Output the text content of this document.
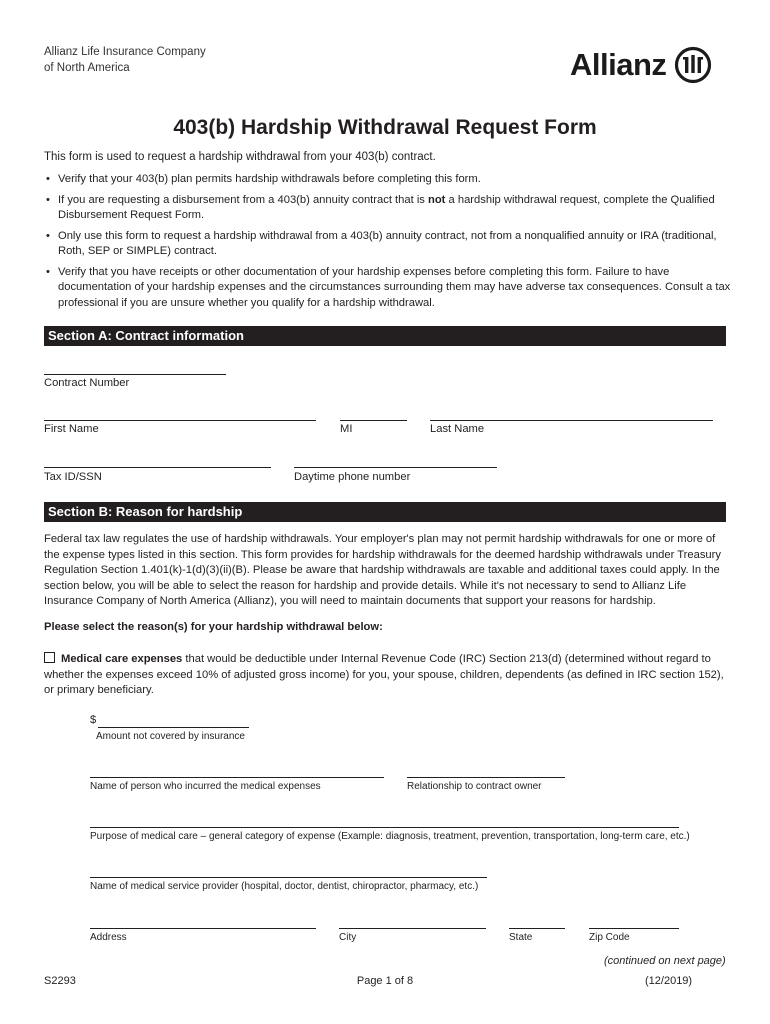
Allianz Life Insurance Company
of North America	Allianz
403(b) Hardship Withdrawal Request Form
This form is used to request a hardship withdrawal from your 403(b) contract.
• Verify that your 403(b) plan permits hardship withdrawals before completing this form.
• If you are requesting a disbursement from a 403(b) annuity contract that is not a hardship withdrawal request, complete the Qualified Disbursement Request Form.
• Only use this form to request a hardship withdrawal from a 403(b) annuity contract, not from a nonqualified annuity or IRA (traditional, Roth, SEP or SIMPLE) contract.
• Verify that you have receipts or other documentation of your hardship expenses before completing this form. Failure to have documentation of your hardship expenses and the circumstances surrounding them may have adverse tax consequences. Consult a tax professional if you are unsure whether you qualify for a hardship withdrawal.
Section A: Contract information
Contract Number
First Name	MI	Last Name
Tax ID/SSN	Daytime phone number
Section B: Reason for hardship
Federal tax law regulates the use of hardship withdrawals. Your employer's plan may not permit hardship withdrawals for one or more of the expense types listed in this section. This form provides for hardship withdrawals for the deemed hardship withdrawals under Treasury Regulation Section 1.401(k)-1(d)(3)(ii)(B). Please be aware that hardship withdrawals are taxable and additional taxes could apply. In the section below, you will be able to select the reason for hardship and provide details. While it's not necessary to send to Allianz Life Insurance Company of North America (Allianz), you will need to maintain documents that support your reasons for hardship.
Please select the reason(s) for your hardship withdrawal below:
Medical care expenses that would be deductible under Internal Revenue Code (IRC) Section 213(d) (determined without regard to whether the expenses exceed 10% of adjusted gross income) for you, your spouse, children, dependents (as defined in IRC section 152), or primary beneficiary.
$
Amount not covered by insurance
Name of person who incurred the medical expenses	Relationship to contract owner
Purpose of medical care – general category of expense (Example: diagnosis, treatment, prevention, transportation, long-term care, etc.)
Name of medical service provider (hospital, doctor, dentist, chiropractor, pharmacy, etc.)
Address	City	State	Zip Code
(continued on next page)
S2293	Page 1 of 8	(12/2019)
